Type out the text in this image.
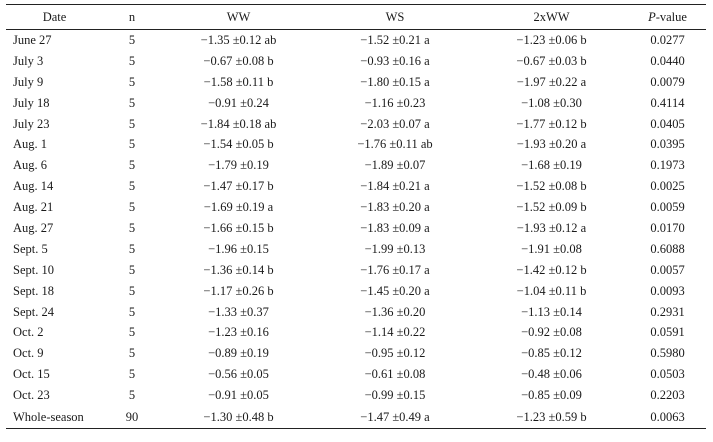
Date	n	WW	WS	2xWW	P-value
June 27	5	−1.35 ±0.12 ab	−1.52 ±0.21 a	−1.23 ±0.06 b	0.0277
July 3	5	−0.67 ±0.08 b	−0.93 ±0.16 a	−0.67 ±0.03 b	0.0440
July 9	5	−1.58 ±0.11 b	−1.80 ±0.15 a	−1.97 ±0.22 a	0.0079
July 18	5	−0.91 ±0.24	−1.16 ±0.23	−1.08 ±0.30	0.4114
July 23	5	−1.84 ±0.18 ab	−2.03 ±0.07 a	−1.77 ±0.12 b	0.0405
Aug. 1	5	−1.54 ±0.05 b	−1.76 ±0.11 ab	−1.93 ±0.20 a	0.0395
Aug. 6	5	−1.79 ±0.19	−1.89 ±0.07	−1.68 ±0.19	0.1973
Aug. 14	5	−1.47 ±0.17 b	−1.84 ±0.21 a	−1.52 ±0.08 b	0.0025
Aug. 21	5	−1.69 ±0.19 a	−1.83 ±0.20 a	−1.52 ±0.09 b	0.0059
Aug. 27	5	−1.66 ±0.15 b	−1.83 ±0.09 a	−1.93 ±0.12 a	0.0170
Sept. 5	5	−1.96 ±0.15	−1.99 ±0.13	−1.91 ±0.08	0.6088
Sept. 10	5	−1.36 ±0.14 b	−1.76 ±0.17 a	−1.42 ±0.12 b	0.0057
Sept. 18	5	−1.17 ±0.26 b	−1.45 ±0.20 a	−1.04 ±0.11 b	0.0093
Sept. 24	5	−1.33 ±0.37	−1.36 ±0.20	−1.13 ±0.14	0.2931
Oct. 2	5	−1.23 ±0.16	−1.14 ±0.22	−0.92 ±0.08	0.0591
Oct. 9	5	−0.89 ±0.19	−0.95 ±0.12	−0.85 ±0.12	0.5980
Oct. 15	5	−0.56 ±0.05	−0.61 ±0.08	−0.48 ±0.06	0.0503
Oct. 23	5	−0.91 ±0.05	−0.99 ±0.15	−0.85 ±0.09	0.2203
Whole-season	90	−1.30 ±0.48 b	−1.47 ±0.49 a	−1.23 ±0.59 b	0.0063
